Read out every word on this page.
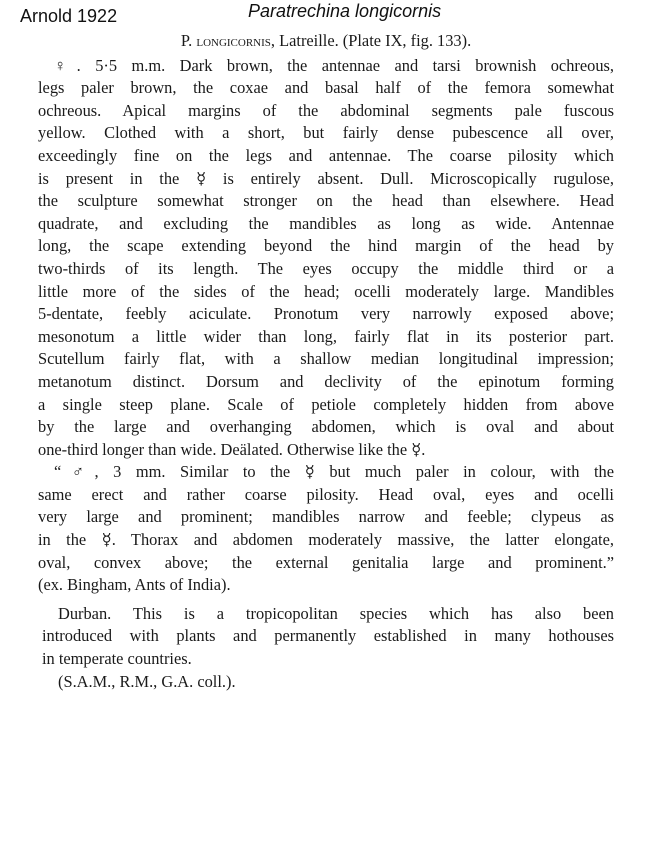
Arnold 1922	Paratrechina longicornis
P. longicornis, Latreille. (Plate IX, fig. 133).
♀. 5·5 m.m. Dark brown, the antennae and tarsi brownish ochreous,
legs paler brown, the coxae and basal half of the femora somewhat
ochreous. Apical margins of the abdominal segments pale fuscous
yellow. Clothed with a short, but fairly dense pubescence all over,
exceedingly fine on the legs and antennae. The coarse pilosity which
is present in the ☿ is entirely absent. Dull. Microscopically rugulose,
the sculpture somewhat stronger on the head than elsewhere. Head
quadrate, and excluding the mandibles as long as wide. Antennae
long, the scape extending beyond the hind margin of the head by
two-thirds of its length. The eyes occupy the middle third or a
little more of the sides of the head; ocelli moderately large. Mandibles
5-dentate, feebly aciculate. Pronotum very narrowly exposed above;
mesonotum a little wider than long, fairly flat in its posterior part.
Scutellum fairly flat, with a shallow median longitudinal impression;
metanotum distinct. Dorsum and declivity of the epinotum forming
a single steep plane. Scale of petiole completely hidden from above
by the large and overhanging abdomen, which is oval and about
one-third longer than wide. Deälated. Otherwise like the ☿.
“♂, 3 mm. Similar to the ☿ but much paler in colour, with the
same erect and rather coarse pilosity. Head oval, eyes and ocelli
very large and prominent; mandibles narrow and feeble; clypeus as
in the ☿. Thorax and abdomen moderately massive, the latter elongate,
oval, convex above; the external genitalia large and prominent.”
(ex. Bingham, Ants of India).
Durban. This is a tropicopolitan species which has also been
introduced with plants and permanently established in many hothouses
in temperate countries.
(S.A.M., R.M., G.A. coll.).
